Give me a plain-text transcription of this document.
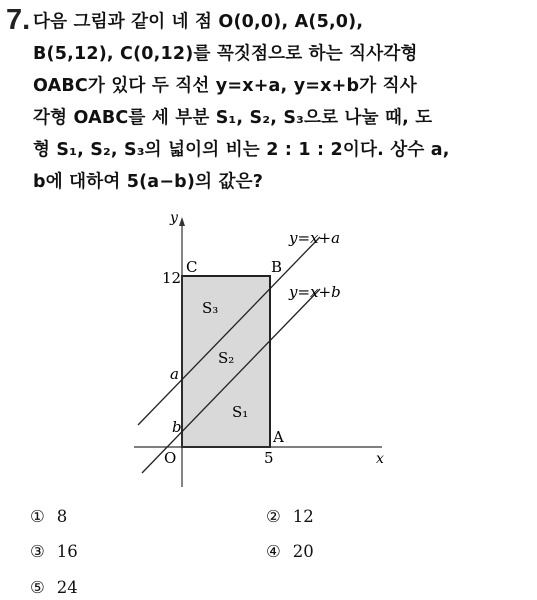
7. 다음 그림과 같이 네 점 O(0,0), A(5,0),
B(5,12), C(0,12)를 꼭짓점으로 하는 직사각형
OABC가 있다 두 직선 y=x+a, y=x+b가 직사
각형 OABC를 세 부분 S₁, S₂, S₃으로 나눌 때, 도
형 S₁, S₂, S₃의 넓이의 비는 2 : 1 : 2이다. 상수 a,
b에 대하여 5(a−b)의 값은?
y
x
O
A
B
C
12
5
a
b
y=x+a
y=x+b
S₃
S₂
S₁
① 8	② 12
③ 16	④ 20
⑤ 24
